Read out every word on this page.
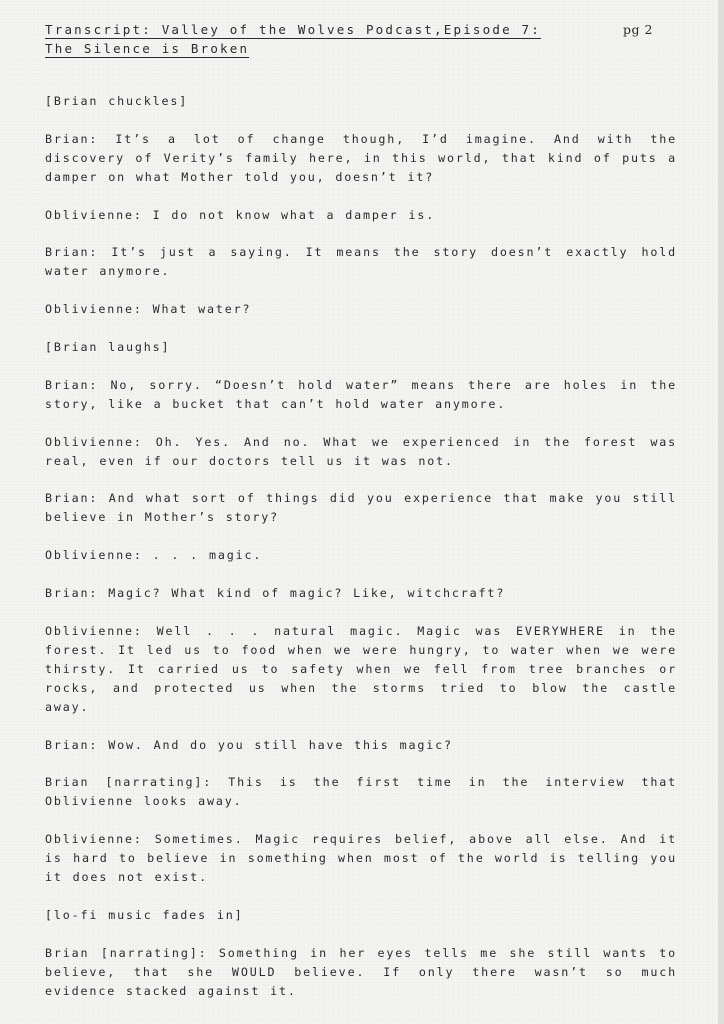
Transcript: Valley of the Wolves Podcast,Episode 7:
The Silence is Broken
pg 2

[Brian chuckles]

Brian: It’s a lot of change though, I’d imagine. And with the discovery of Verity’s family here, in this world, that kind of puts a damper on what Mother told you, doesn’t it?

Oblivienne: I do not know what a damper is.

Brian: It’s just a saying. It means the story doesn’t exactly hold water anymore.

Oblivienne: What water?

[Brian laughs]

Brian: No, sorry. “Doesn’t hold water” means there are holes in the story, like a bucket that can’t hold water anymore.

Oblivienne: Oh. Yes. And no. What we experienced in the forest was real, even if our doctors tell us it was not.

Brian: And what sort of things did you experience that make you still believe in Mother’s story?

Oblivienne: . . . magic.

Brian: Magic? What kind of magic? Like, witchcraft?

Oblivienne: Well . . . natural magic. Magic was EVERYWHERE in the forest. It led us to food when we were hungry, to water when we were thirsty. It carried us to safety when we fell from tree branches or rocks, and protected us when the storms tried to blow the castle away.

Brian: Wow. And do you still have this magic?

Brian [narrating]: This is the first time in the interview that Oblivienne looks away.

Oblivienne: Sometimes. Magic requires belief, above all else. And it is hard to believe in something when most of the world is telling you it does not exist.

[lo-fi music fades in]

Brian [narrating]: Something in her eyes tells me she still wants to believe, that she WOULD believe. If only there wasn’t so much evidence stacked against it.
